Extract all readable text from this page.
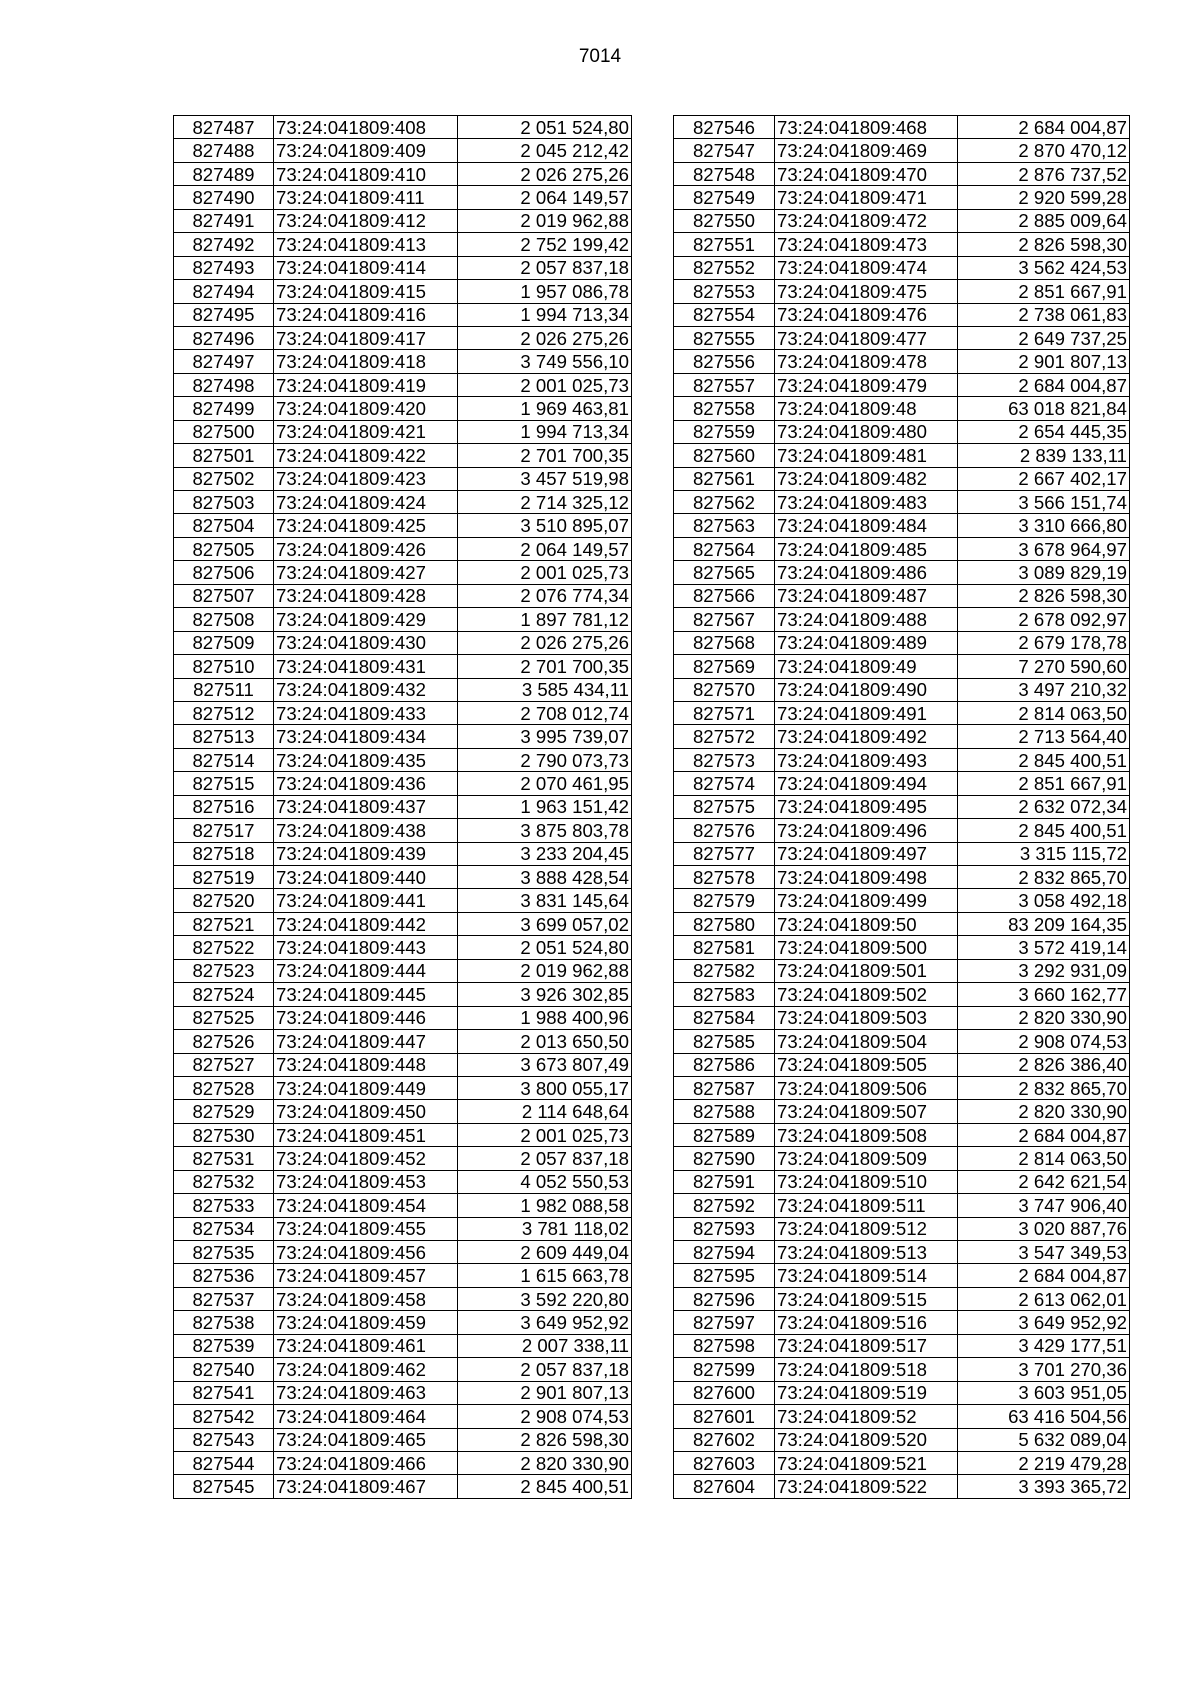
7014
827487	73:24:041809:408	2 051 524,80
827488	73:24:041809:409	2 045 212,42
827489	73:24:041809:410	2 026 275,26
827490	73:24:041809:411	2 064 149,57
827491	73:24:041809:412	2 019 962,88
827492	73:24:041809:413	2 752 199,42
827493	73:24:041809:414	2 057 837,18
827494	73:24:041809:415	1 957 086,78
827495	73:24:041809:416	1 994 713,34
827496	73:24:041809:417	2 026 275,26
827497	73:24:041809:418	3 749 556,10
827498	73:24:041809:419	2 001 025,73
827499	73:24:041809:420	1 969 463,81
827500	73:24:041809:421	1 994 713,34
827501	73:24:041809:422	2 701 700,35
827502	73:24:041809:423	3 457 519,98
827503	73:24:041809:424	2 714 325,12
827504	73:24:041809:425	3 510 895,07
827505	73:24:041809:426	2 064 149,57
827506	73:24:041809:427	2 001 025,73
827507	73:24:041809:428	2 076 774,34
827508	73:24:041809:429	1 897 781,12
827509	73:24:041809:430	2 026 275,26
827510	73:24:041809:431	2 701 700,35
827511	73:24:041809:432	3 585 434,11
827512	73:24:041809:433	2 708 012,74
827513	73:24:041809:434	3 995 739,07
827514	73:24:041809:435	2 790 073,73
827515	73:24:041809:436	2 070 461,95
827516	73:24:041809:437	1 963 151,42
827517	73:24:041809:438	3 875 803,78
827518	73:24:041809:439	3 233 204,45
827519	73:24:041809:440	3 888 428,54
827520	73:24:041809:441	3 831 145,64
827521	73:24:041809:442	3 699 057,02
827522	73:24:041809:443	2 051 524,80
827523	73:24:041809:444	2 019 962,88
827524	73:24:041809:445	3 926 302,85
827525	73:24:041809:446	1 988 400,96
827526	73:24:041809:447	2 013 650,50
827527	73:24:041809:448	3 673 807,49
827528	73:24:041809:449	3 800 055,17
827529	73:24:041809:450	2 114 648,64
827530	73:24:041809:451	2 001 025,73
827531	73:24:041809:452	2 057 837,18
827532	73:24:041809:453	4 052 550,53
827533	73:24:041809:454	1 982 088,58
827534	73:24:041809:455	3 781 118,02
827535	73:24:041809:456	2 609 449,04
827536	73:24:041809:457	1 615 663,78
827537	73:24:041809:458	3 592 220,80
827538	73:24:041809:459	3 649 952,92
827539	73:24:041809:461	2 007 338,11
827540	73:24:041809:462	2 057 837,18
827541	73:24:041809:463	2 901 807,13
827542	73:24:041809:464	2 908 074,53
827543	73:24:041809:465	2 826 598,30
827544	73:24:041809:466	2 820 330,90
827545	73:24:041809:467	2 845 400,51
827546	73:24:041809:468	2 684 004,87
827547	73:24:041809:469	2 870 470,12
827548	73:24:041809:470	2 876 737,52
827549	73:24:041809:471	2 920 599,28
827550	73:24:041809:472	2 885 009,64
827551	73:24:041809:473	2 826 598,30
827552	73:24:041809:474	3 562 424,53
827553	73:24:041809:475	2 851 667,91
827554	73:24:041809:476	2 738 061,83
827555	73:24:041809:477	2 649 737,25
827556	73:24:041809:478	2 901 807,13
827557	73:24:041809:479	2 684 004,87
827558	73:24:041809:48	63 018 821,84
827559	73:24:041809:480	2 654 445,35
827560	73:24:041809:481	2 839 133,11
827561	73:24:041809:482	2 667 402,17
827562	73:24:041809:483	3 566 151,74
827563	73:24:041809:484	3 310 666,80
827564	73:24:041809:485	3 678 964,97
827565	73:24:041809:486	3 089 829,19
827566	73:24:041809:487	2 826 598,30
827567	73:24:041809:488	2 678 092,97
827568	73:24:041809:489	2 679 178,78
827569	73:24:041809:49	7 270 590,60
827570	73:24:041809:490	3 497 210,32
827571	73:24:041809:491	2 814 063,50
827572	73:24:041809:492	2 713 564,40
827573	73:24:041809:493	2 845 400,51
827574	73:24:041809:494	2 851 667,91
827575	73:24:041809:495	2 632 072,34
827576	73:24:041809:496	2 845 400,51
827577	73:24:041809:497	3 315 115,72
827578	73:24:041809:498	2 832 865,70
827579	73:24:041809:499	3 058 492,18
827580	73:24:041809:50	83 209 164,35
827581	73:24:041809:500	3 572 419,14
827582	73:24:041809:501	3 292 931,09
827583	73:24:041809:502	3 660 162,77
827584	73:24:041809:503	2 820 330,90
827585	73:24:041809:504	2 908 074,53
827586	73:24:041809:505	2 826 386,40
827587	73:24:041809:506	2 832 865,70
827588	73:24:041809:507	2 820 330,90
827589	73:24:041809:508	2 684 004,87
827590	73:24:041809:509	2 814 063,50
827591	73:24:041809:510	2 642 621,54
827592	73:24:041809:511	3 747 906,40
827593	73:24:041809:512	3 020 887,76
827594	73:24:041809:513	3 547 349,53
827595	73:24:041809:514	2 684 004,87
827596	73:24:041809:515	2 613 062,01
827597	73:24:041809:516	3 649 952,92
827598	73:24:041809:517	3 429 177,51
827599	73:24:041809:518	3 701 270,36
827600	73:24:041809:519	3 603 951,05
827601	73:24:041809:52	63 416 504,56
827602	73:24:041809:520	5 632 089,04
827603	73:24:041809:521	2 219 479,28
827604	73:24:041809:522	3 393 365,72
